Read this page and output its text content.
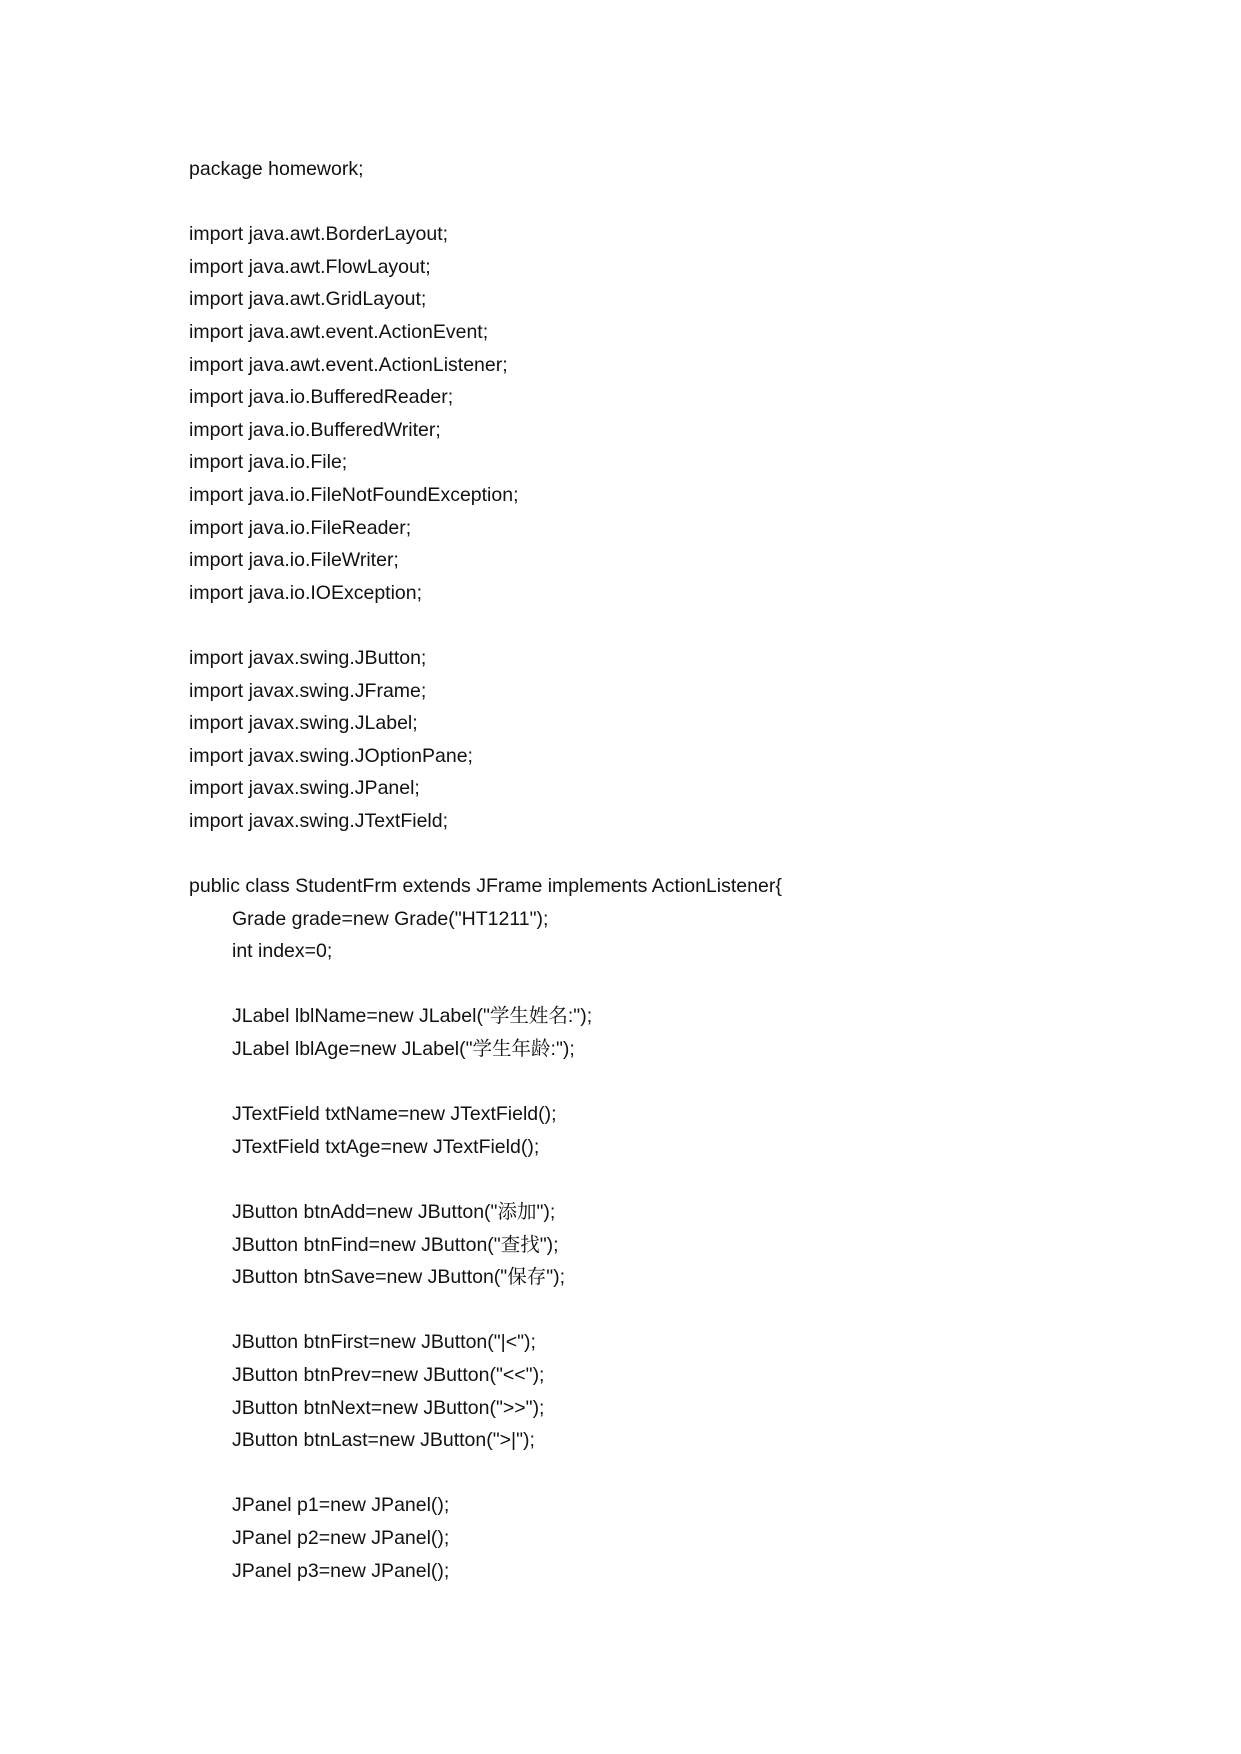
package homework;
import java.awt.BorderLayout;
import java.awt.FlowLayout;
import java.awt.GridLayout;
import java.awt.event.ActionEvent;
import java.awt.event.ActionListener;
import java.io.BufferedReader;
import java.io.BufferedWriter;
import java.io.File;
import java.io.FileNotFoundException;
import java.io.FileReader;
import java.io.FileWriter;
import java.io.IOException;
import javax.swing.JButton;
import javax.swing.JFrame;
import javax.swing.JLabel;
import javax.swing.JOptionPane;
import javax.swing.JPanel;
import javax.swing.JTextField;
public class StudentFrm extends JFrame implements ActionListener{
Grade grade=new Grade("HT1211");
int index=0;
JLabel lblName=new JLabel("学生姓名:");
JLabel lblAge=new JLabel("学生年龄:");
JTextField txtName=new JTextField();
JTextField txtAge=new JTextField();
JButton btnAdd=new JButton("添加");
JButton btnFind=new JButton("查找");
JButton btnSave=new JButton("保存");
JButton btnFirst=new JButton("|<");
JButton btnPrev=new JButton("<<");
JButton btnNext=new JButton(">>");
JButton btnLast=new JButton(">|");
JPanel p1=new JPanel();
JPanel p2=new JPanel();
JPanel p3=new JPanel();
